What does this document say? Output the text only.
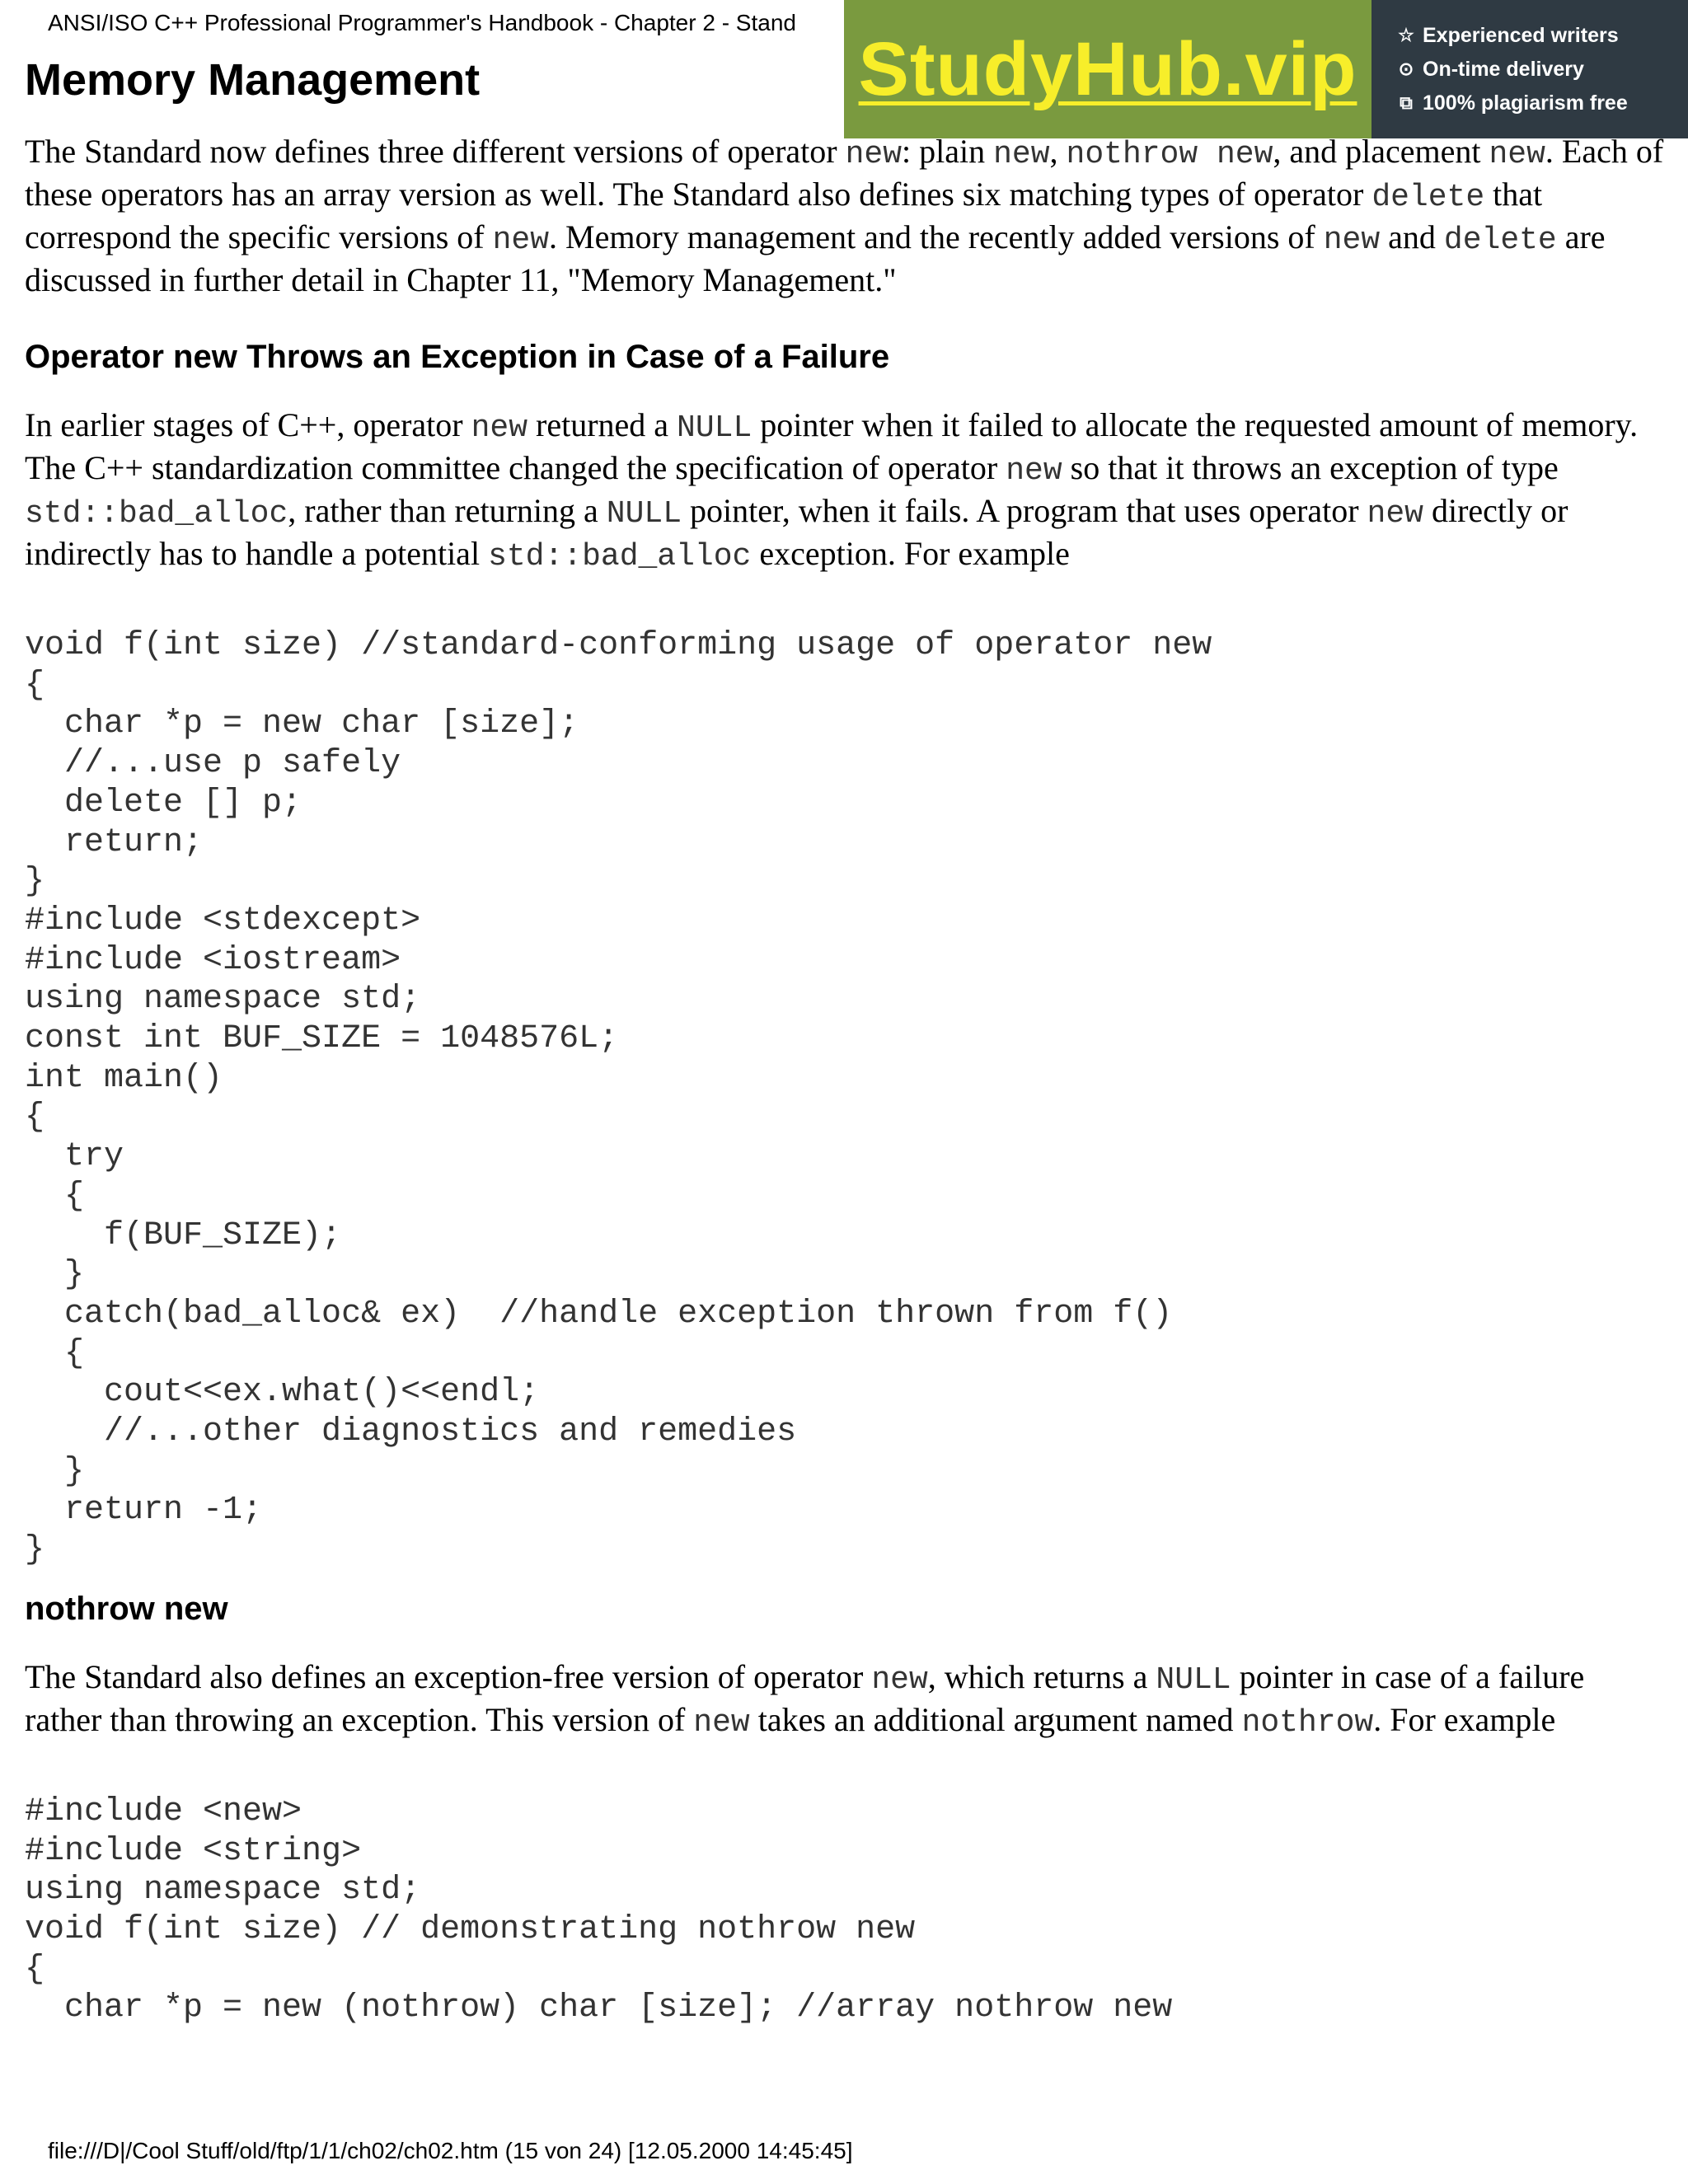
ANSI/ISO C++ Professional Programmer's Handbook - Chapter 2 - Stand
StudyHub.vip ☆ Experienced writers
⊙ On-time delivery
⧉ 100% plagiarism free
Memory Management

The Standard now defines three different versions of operator new: plain new, nothrow new, and placement new. Each of these operators has an array version as well. The Standard also defines six matching types of operator delete that correspond the specific versions of new. Memory management and the recently added versions of new and delete are discussed in further detail in Chapter 11, "Memory Management."

Operator new Throws an Exception in Case of a Failure

In earlier stages of C++, operator new returned a NULL pointer when it failed to allocate the requested amount of memory. The C++ standardization committee changed the specification of operator new so that it throws an exception of type std::bad_alloc, rather than returning a NULL pointer, when it fails. A program that uses operator new directly or indirectly has to handle a potential std::bad_alloc exception. For example

void f(int size) //standard-conforming usage of operator new
{
char *p = new char [size];
//...use p safely
delete [] p;
return;
}
#include <stdexcept>
#include <iostream>
using namespace std;
const int BUF_SIZE = 1048576L;
int main()
{
try
{
f(BUF_SIZE);
}
catch(bad_alloc& ex)  //handle exception thrown from f()
{
cout<<ex.what()<<endl;
//...other diagnostics and remedies
}
return -1;
}
nothrow new

The Standard also defines an exception-free version of operator new, which returns a NULL pointer in case of a failure rather than throwing an exception. This version of new takes an additional argument named nothrow. For example

#include <new>
#include <string>
using namespace std;
void f(int size) // demonstrating nothrow new
{
char *p = new (nothrow) char [size]; //array nothrow new
file:///D|/Cool Stuff/old/ftp/1/1/ch02/ch02.htm (15 von 24) [12.05.2000 14:45:45]
